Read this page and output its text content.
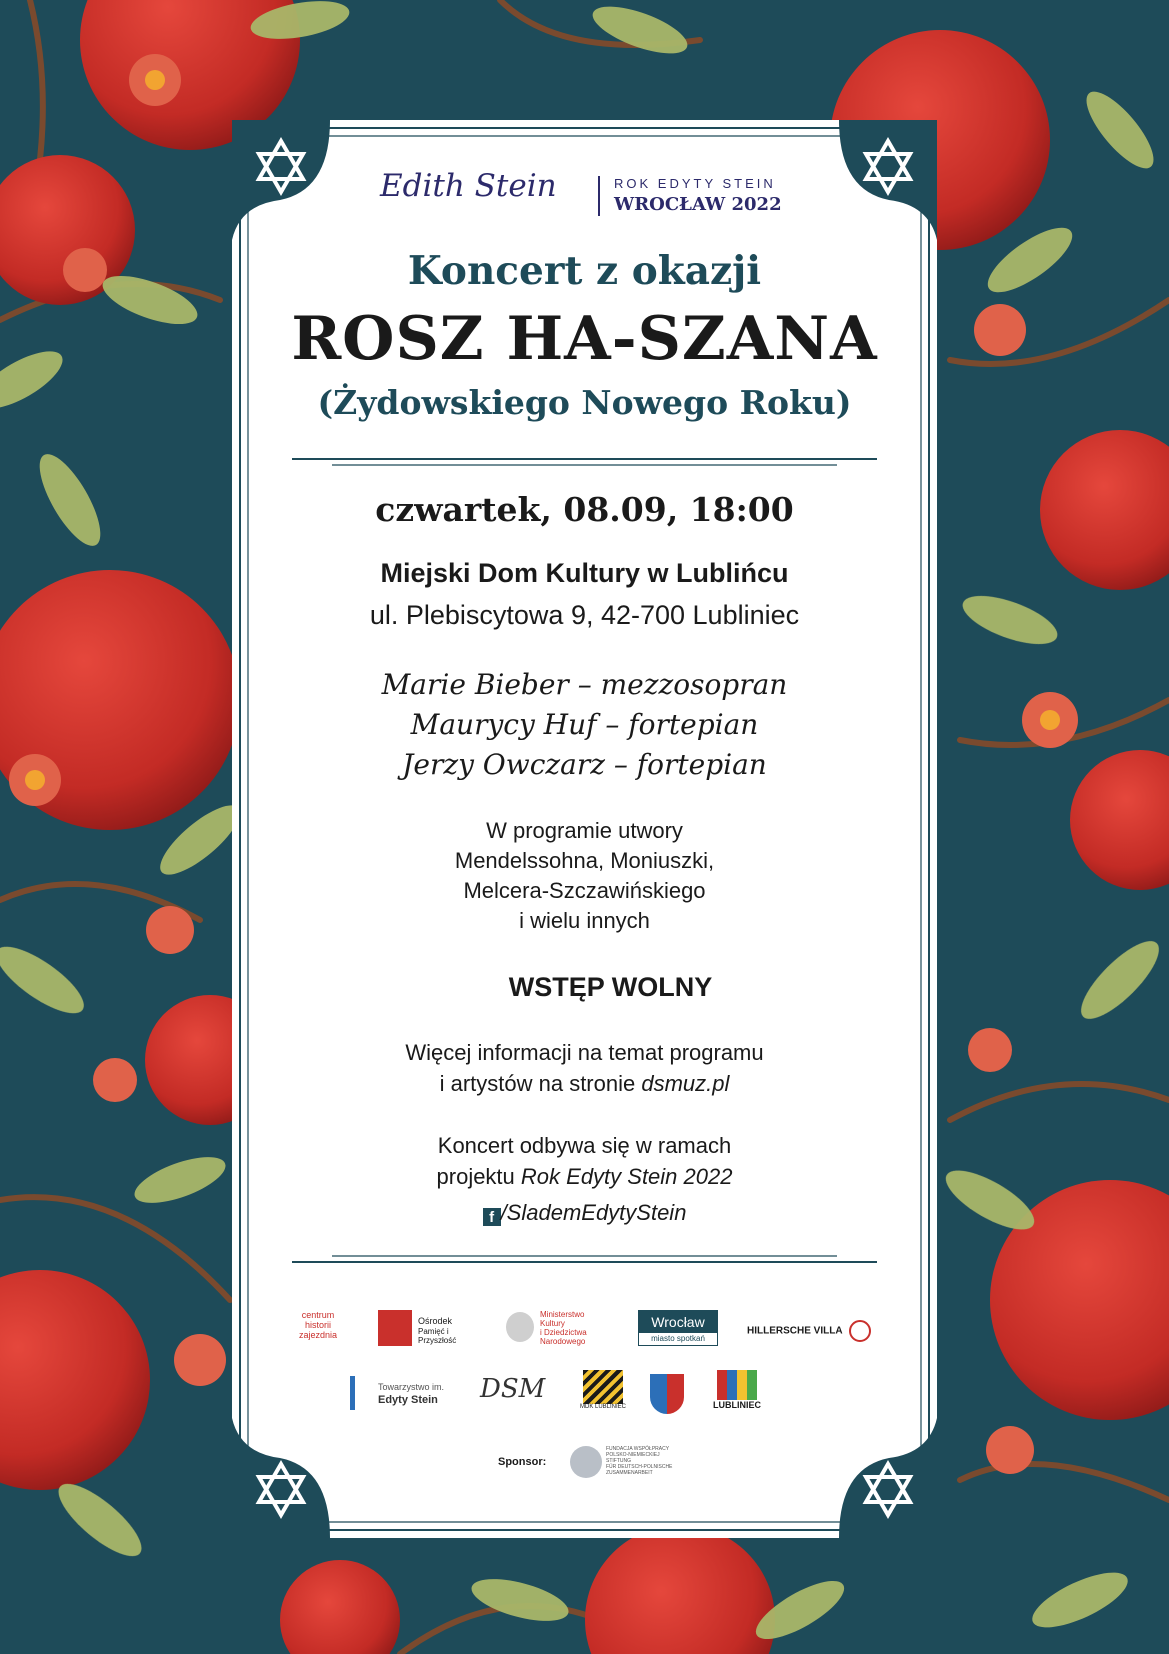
Edith Stein	ROK EDYTY STEIN
WROCŁAW 2022

Koncert z okazji

ROSZ HA-SZANA

(Żydowskiego Nowego Roku)

czwartek, 08.09, 18:00

Miejski Dom Kultury w Lublińcu

ul. Plebiscytowa 9, 42-700 Lubliniec

Marie Bieber – mezzosopran

Maurycy Huf – fortepian

Jerzy Owczarz – fortepian

W programie utwory

Mendelssohna, Moniuszki,

Melcera-Szczawińskiego

i wielu innych

WSTĘP WOLNY

Więcej informacji na temat programu

i artystów na stronie dsmuz.pl

Koncert odbywa się w ramach

projektu Rok Edyty Stein 2022

f /SlademEdytyStein

centrum
historii
zajezdnia
Ośrodek
Pamięć i Przyszłość
Ministerstwo
Kultury
i Dziedzictwa
Narodowego
Wrocław
miasto spotkań
HILLERSCHE VILLA
Towarzystwo im.
Edyty Stein DSM
MDK LUBLINIEC	LUBLINIEC
Sponsor:
FUNDACJA WSPÓŁPRACY
POLSKO-NIEMIECKIEJ
STIFTUNG
FÜR DEUTSCH-POLNISCHE
ZUSAMMENARBEIT
